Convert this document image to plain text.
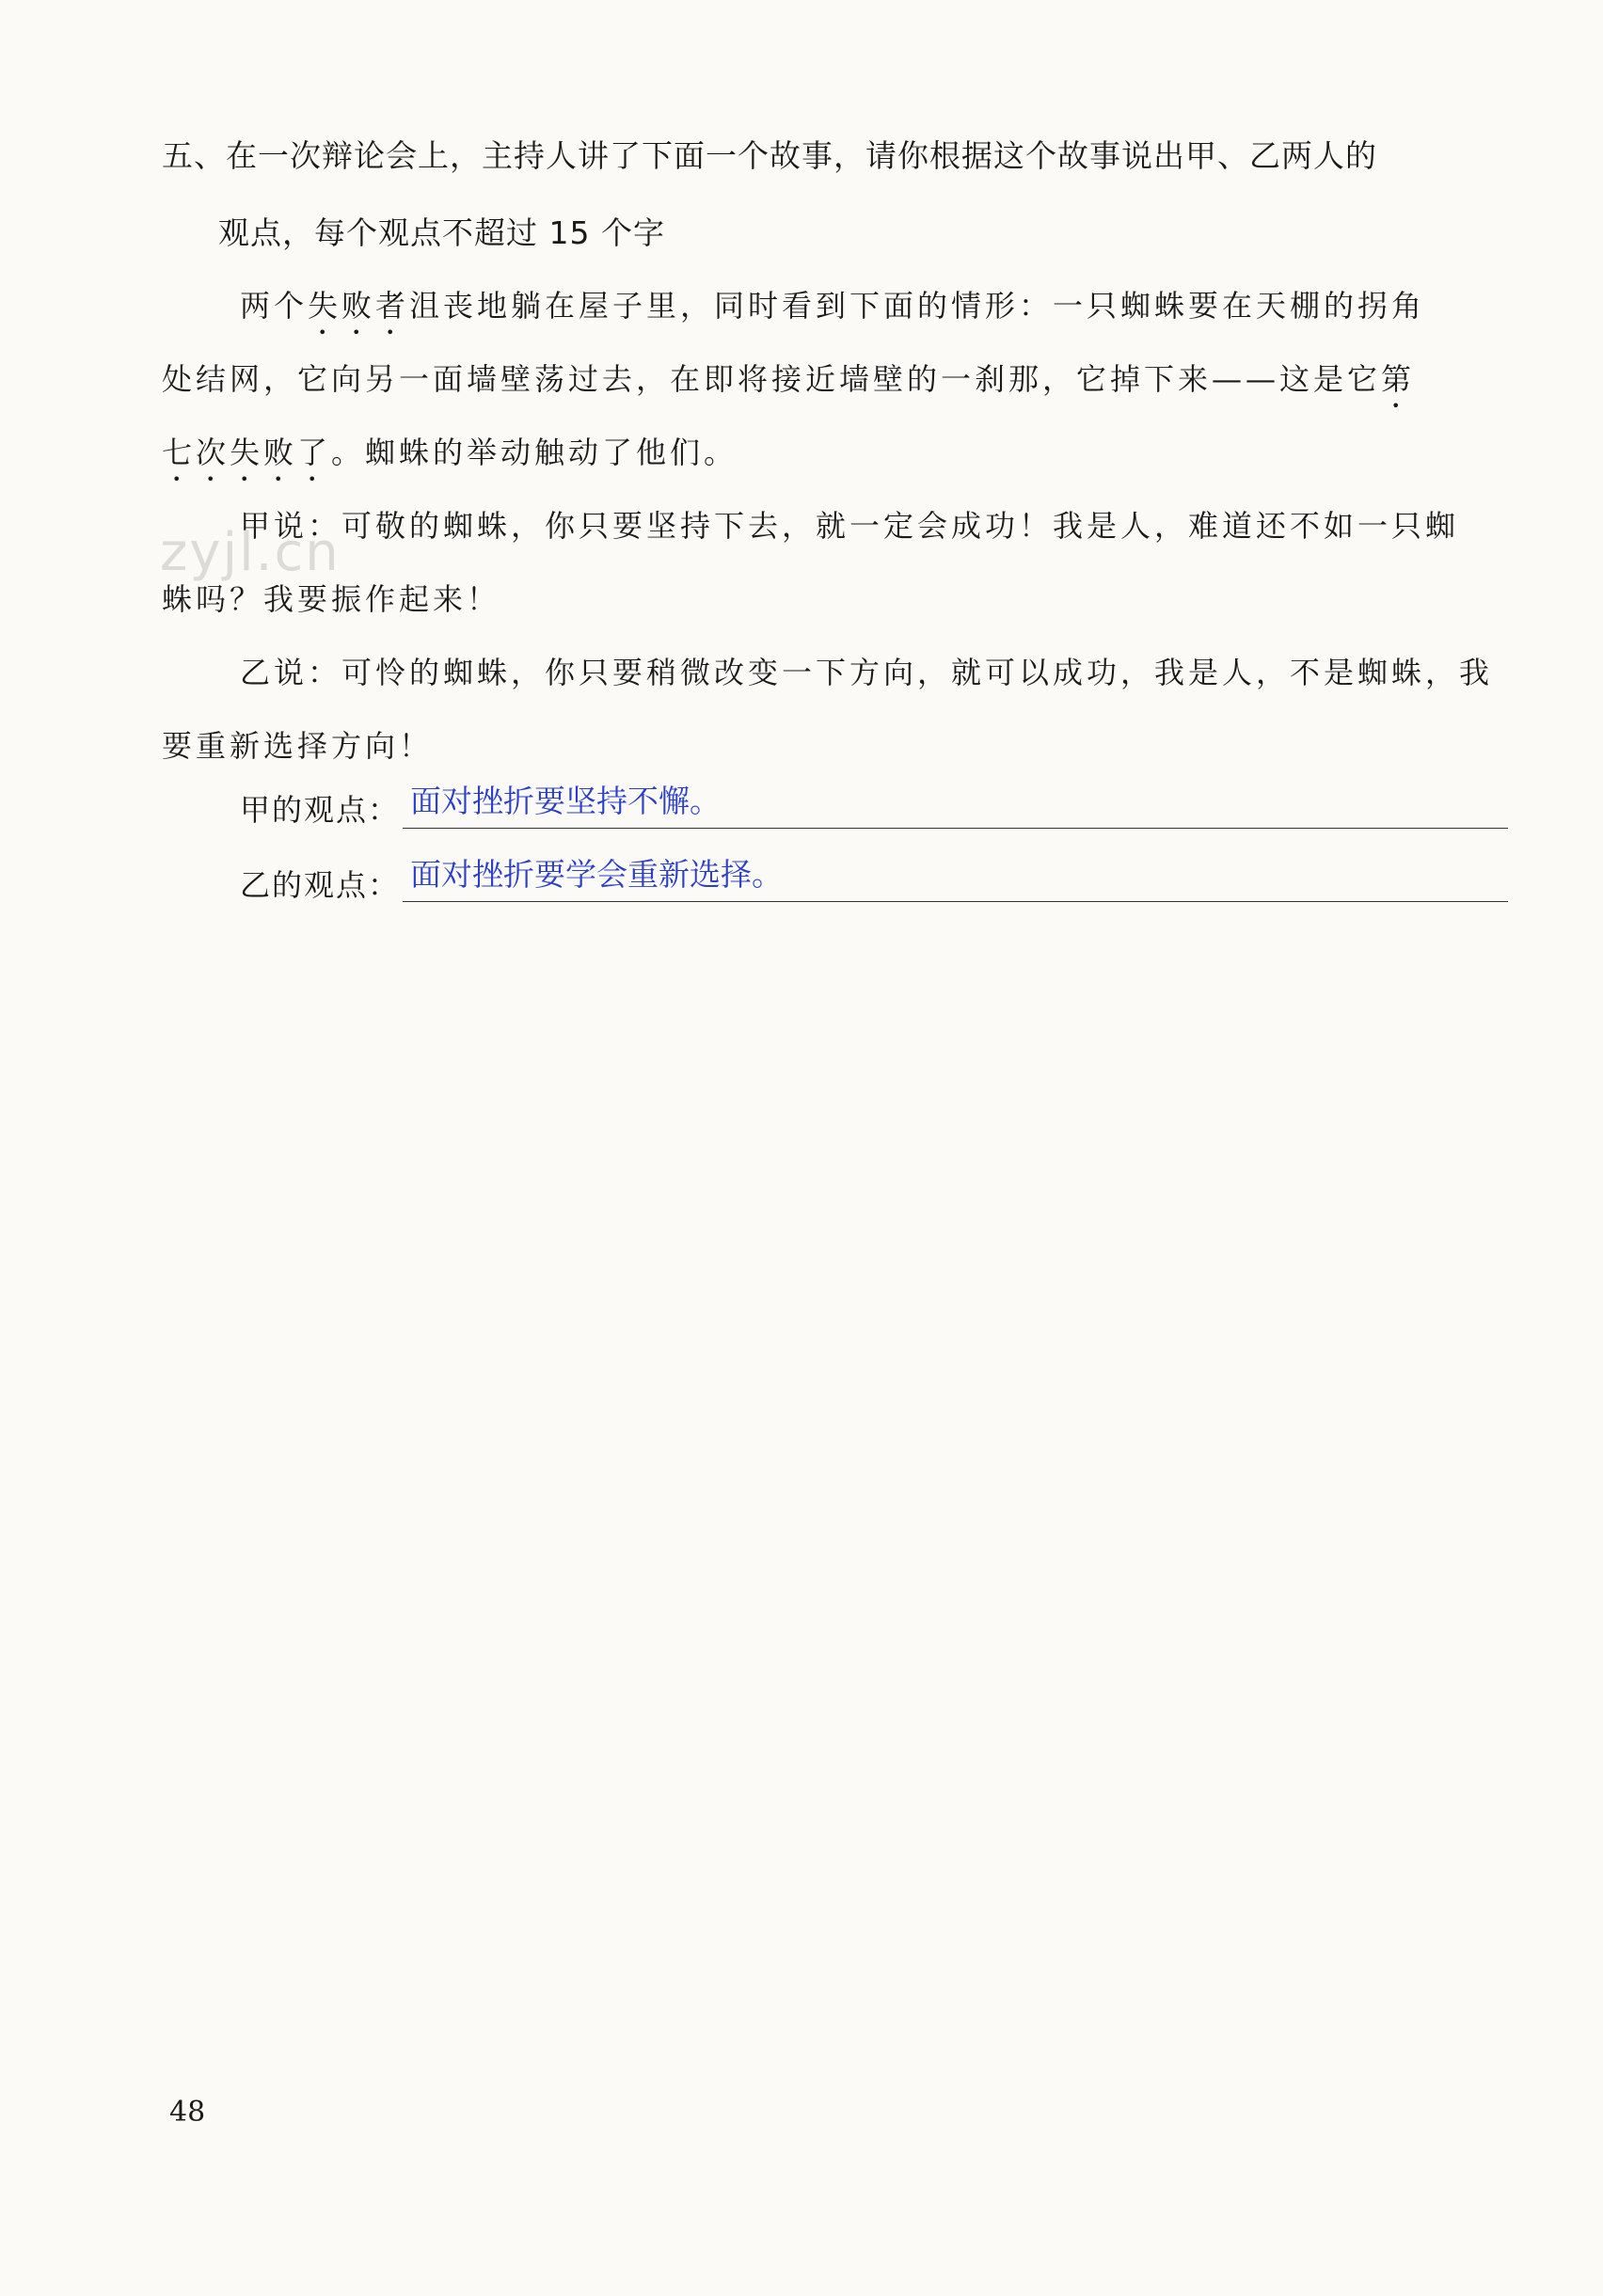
五、在一次辩论会上，主持人讲了下面一个故事，请你根据这个故事说出甲、乙两人的
观点，每个观点不超过 15 个字
两个失败者沮丧地躺在屋子里，同时看到下面的情形：一只蜘蛛要在天棚的拐角
处结网，它向另一面墙壁荡过去，在即将接近墙壁的一刹那，它掉下来——这是它第
七次失败了。蜘蛛的举动触动了他们。
甲说：可敬的蜘蛛，你只要坚持下去，就一定会成功！我是人，难道还不如一只蜘
蛛吗？我要振作起来！
乙说：可怜的蜘蛛，你只要稍微改变一下方向，就可以成功，我是人，不是蜘蛛，我
要重新选择方向！
甲的观点： 面对挫折要坚持不懈。
乙的观点： 面对挫折要学会重新选择。
zyjl.cn
48
